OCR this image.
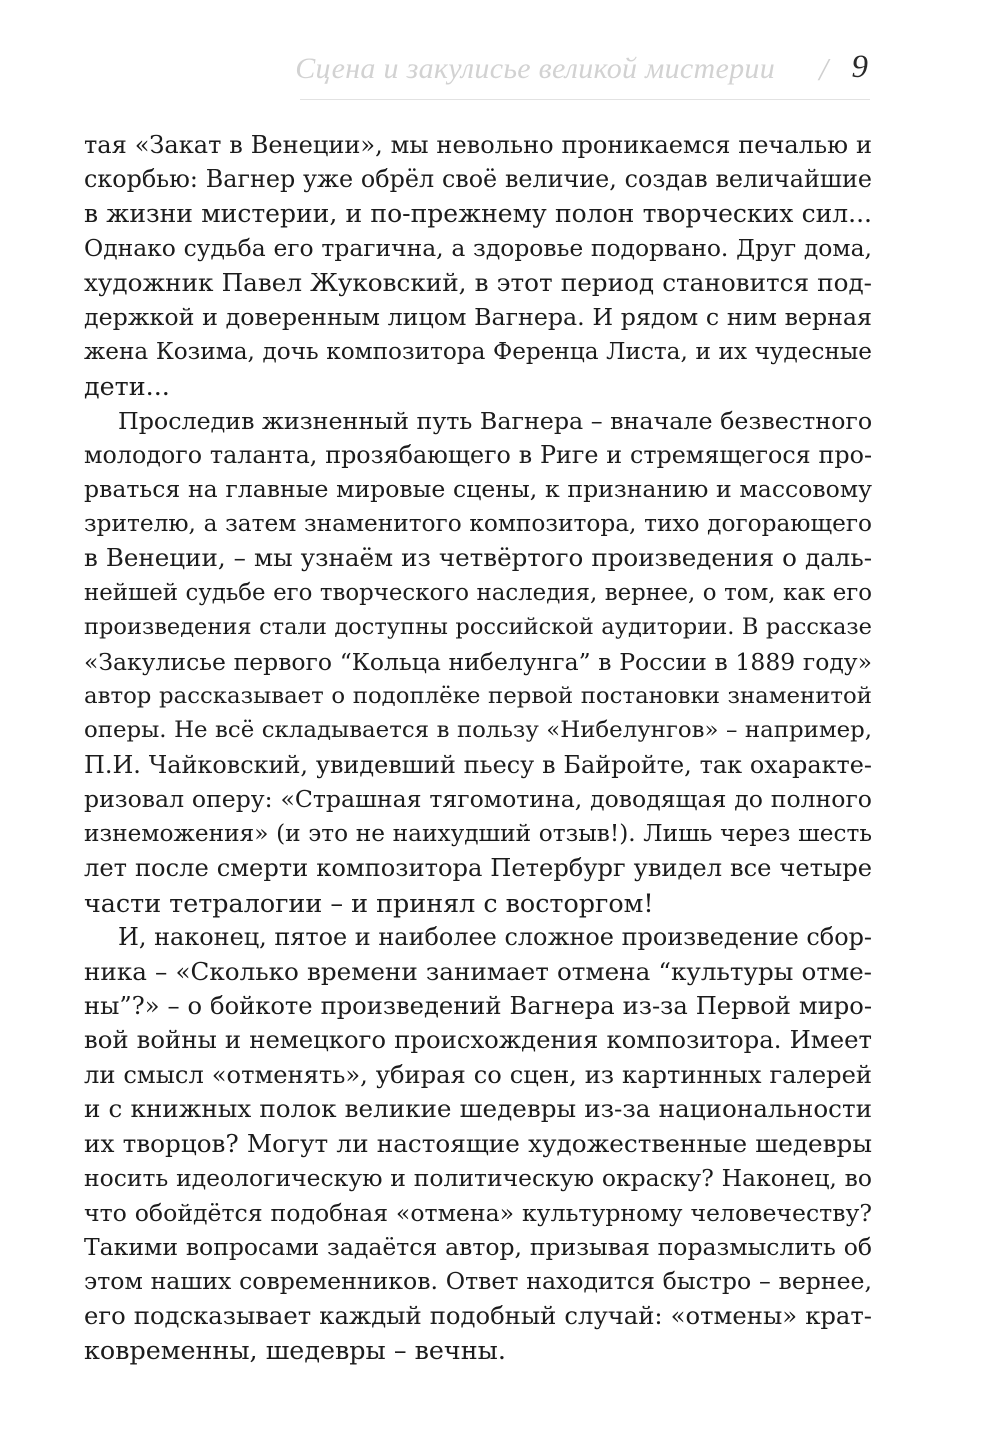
Сцена и закулисье великой мистерии / 9
тая «Закат в Венеции», мы невольно проникаемся печалью и
скорбью: Вагнер уже обрёл своё величие, создав величайшие
в жизни мистерии, и по-прежнему полон творческих сил...
Однако судьба его трагична, а здоровье подорвано. Друг дома,
художник Павел Жуковский, в этот период становится под-
держкой и доверенным лицом Вагнера. И рядом с ним верная
жена Козима, дочь композитора Ференца Листа, и их чудесные
дети...
Проследив жизненный путь Вагнера – вначале безвестного
молодого таланта, прозябающего в Риге и стремящегося про-
рваться на главные мировые сцены, к признанию и массовому
зрителю, а затем знаменитого композитора, тихо догорающего
в Венеции, – мы узнаём из четвёртого произведения о даль-
нейшей судьбе его творческого наследия, вернее, о том, как его
произведения стали доступны российской аудитории. В рассказе
«Закулисье первого “Кольца нибелунга” в России в 1889 году»
автор рассказывает о подоплёке первой постановки знаменитой
оперы. Не всё складывается в пользу «Нибелунгов» – например,
П.И. Чайковский, увидевший пьесу в Байройте, так охаракте-
ризовал оперу: «Страшная тягомотина, доводящая до полного
изнеможения» (и это не наихудший отзыв!). Лишь через шесть
лет после смерти композитора Петербург увидел все четыре
части тетралогии – и принял с восторгом!
И, наконец, пятое и наиболее сложное произведение сбор-
ника – «Сколько времени занимает отмена “культуры отме-
ны”?» – о бойкоте произведений Вагнера из-за Первой миро-
вой войны и немецкого происхождения композитора. Имеет
ли смысл «отменять», убирая со сцен, из картинных галерей
и с книжных полок великие шедевры из-за национальности
их творцов? Могут ли настоящие художественные шедевры
носить идеологическую и политическую окраску? Наконец, во
что обойдётся подобная «отмена» культурному человечеству?
Такими вопросами задаётся автор, призывая поразмыслить об
этом наших современников. Ответ находится быстро – вернее,
его подсказывает каждый подобный случай: «отмены» крат-
ковременны, шедевры – вечны.
